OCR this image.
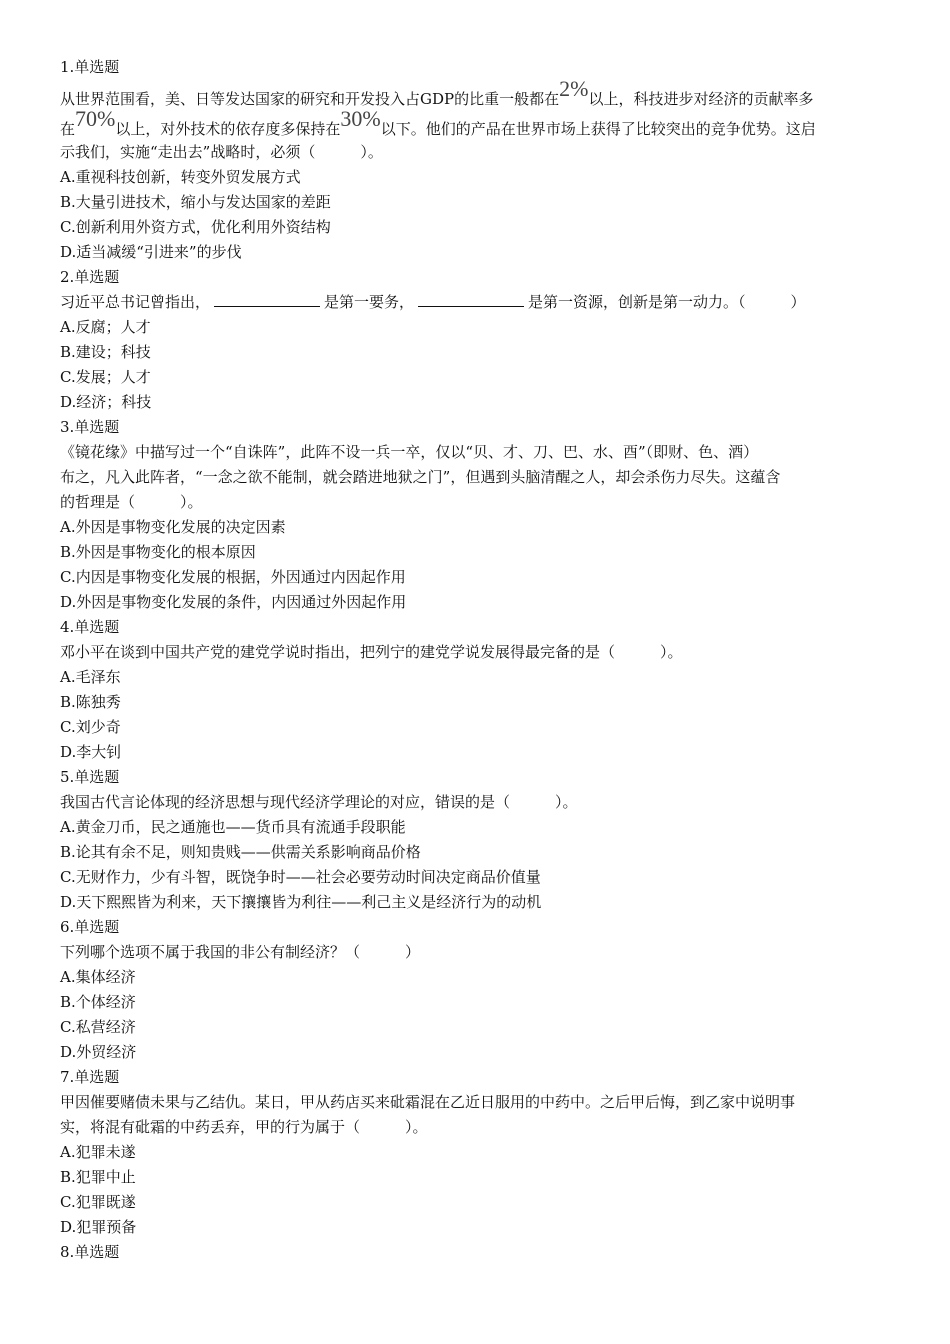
1.单选题
从世界范围看，美、日等发达国家的研究和开发投入占GDP的比重一般都在2%以上，科技进步对经济的贡献率多
在70%以上，对外技术的依存度多保持在30%以下。他们的产品在世界市场上获得了比较突出的竞争优势。这启
示我们，实施“走出去”战略时，必须（　　　）。
A.重视科技创新，转变外贸发展方式
B.大量引进技术，缩小与发达国家的差距
C.创新利用外资方式，优化利用外资结构
D.适当减缓“引进来”的步伐
2.单选题
习近平总书记曾指出，	是第一要务，	是第一资源，创新是第一动力。（　　　）
A.反腐；人才
B.建设；科技
C.发展；人才
D.经济；科技
3.单选题
《镜花缘》中描写过一个“自诛阵”，此阵不设一兵一卒，仅以“贝、才、刀、巴、水、酉”（即财、色、酒）
布之，凡入此阵者，“一念之欲不能制，就会踏进地狱之门”，但遇到头脑清醒之人，却会杀伤力尽失。这蕴含
的哲理是（　　　）。
A.外因是事物变化发展的决定因素
B.外因是事物变化的根本原因
C.内因是事物变化发展的根据，外因通过内因起作用
D.外因是事物变化发展的条件，内因通过外因起作用
4.单选题
邓小平在谈到中国共产党的建党学说时指出，把列宁的建党学说发展得最完备的是（　　　）。
A.毛泽东
B.陈独秀
C.刘少奇
D.李大钊
5.单选题
我国古代言论体现的经济思想与现代经济学理论的对应，错误的是（　　　）。
A.黄金刀币，民之通施也——货币具有流通手段职能
B.论其有余不足，则知贵贱——供需关系影响商品价格
C.无财作力，少有斗智，既饶争时——社会必要劳动时间决定商品价值量
D.天下熙熙皆为利来，天下攘攘皆为利往——利己主义是经济行为的动机
6.单选题
下列哪个选项不属于我国的非公有制经济？（　　　）
A.集体经济
B.个体经济
C.私营经济
D.外贸经济
7.单选题
甲因催要赌债未果与乙结仇。某日，甲从药店买来砒霜混在乙近日服用的中药中。之后甲后悔，到乙家中说明事
实，将混有砒霜的中药丢弃，甲的行为属于（　　　）。
A.犯罪未遂
B.犯罪中止
C.犯罪既遂
D.犯罪预备
8.单选题
